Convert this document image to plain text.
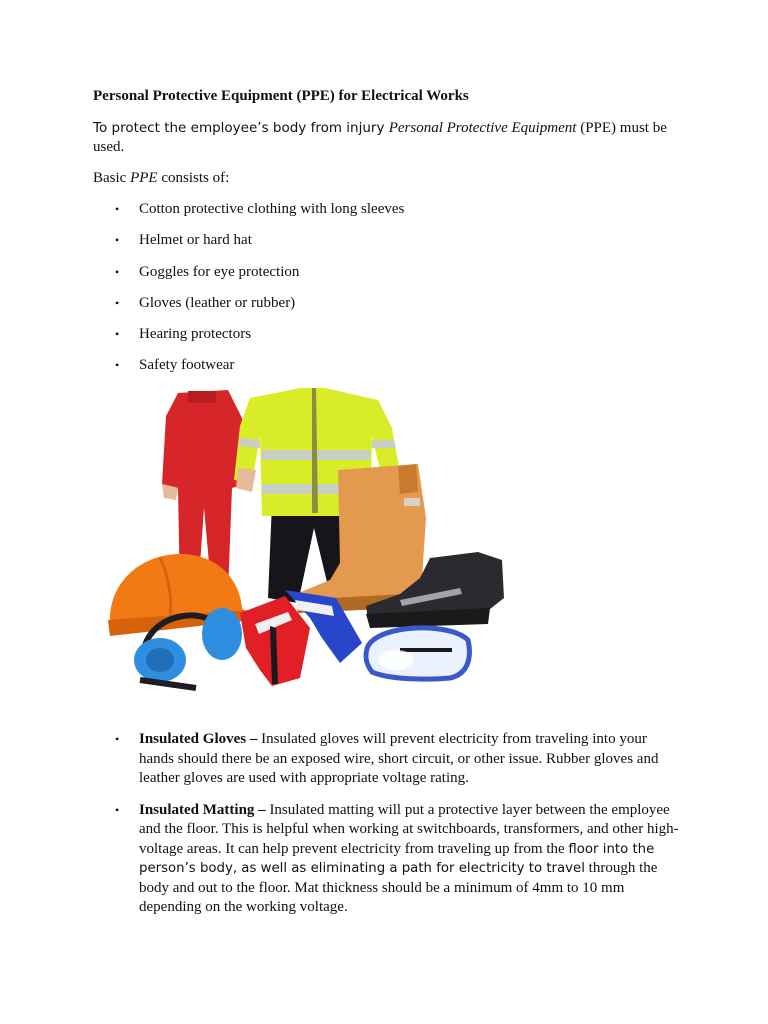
Personal Protective Equipment (PPE) for Electrical Works

To protect the employee’s body from injury Personal Protective Equipment (PPE) must be used.

Basic PPE consists of:

• Cotton protective clothing with long sleeves
• Helmet or hard hat
• Goggles for eye protection
• Gloves (leather or rubber)
• Hearing protectors
• Safety footwear
• Insulated Gloves – Insulated gloves will prevent electricity from traveling into your hands should there be an exposed wire, short circuit, or other issue. Rubber gloves and leather gloves are used with appropriate voltage rating.
• Insulated Matting – Insulated matting will put a protective layer between the employee and the floor. This is helpful when working at switchboards, transformers, and other high-voltage areas. It can help prevent electricity from traveling up from the floor into the person’s body, as well as eliminating a path for electricity to travel through the body and out to the floor. Mat thickness should be a minimum of 4mm to 10 mm depending on the working voltage.
